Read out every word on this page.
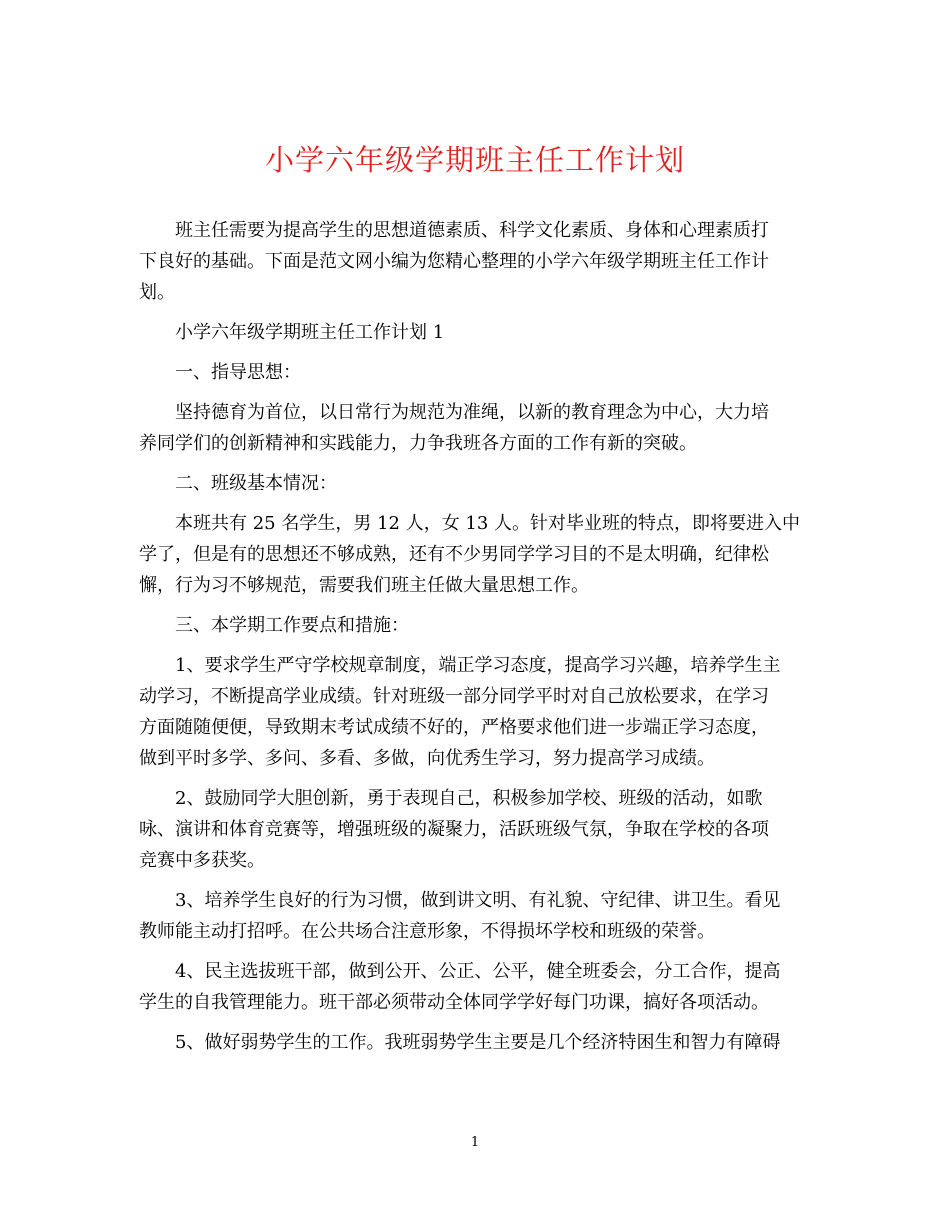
小学六年级学期班主任工作计划

班主任需要为提高学生的思想道德素质、科学文化素质、身体和心理素质打
下良好的基础。下面是范文网小编为您精心整理的小学六年级学期班主任工作计
划。

小学六年级学期班主任工作计划 1

一、指导思想：

坚持德育为首位，以日常行为规范为准绳，以新的教育理念为中心，大力培
养同学们的创新精神和实践能力，力争我班各方面的工作有新的突破。

二、班级基本情况：

本班共有 25 名学生，男 12 人，女 13 人。针对毕业班的特点，即将要进入中
学了，但是有的思想还不够成熟，还有不少男同学学习目的不是太明确，纪律松
懈，行为习不够规范，需要我们班主任做大量思想工作。

三、本学期工作要点和措施：

1、要求学生严守学校规章制度，端正学习态度，提高学习兴趣，培养学生主
动学习，不断提高学业成绩。针对班级一部分同学平时对自己放松要求，在学习
方面随随便便，导致期末考试成绩不好的，严格要求他们进一步端正学习态度，
做到平时多学、多问、多看、多做，向优秀生学习，努力提高学习成绩。

2、鼓励同学大胆创新，勇于表现自己，积极参加学校、班级的活动，如歌
咏、演讲和体育竞赛等，增强班级的凝聚力，活跃班级气氛，争取在学校的各项
竞赛中多获奖。

3、培养学生良好的行为习惯，做到讲文明、有礼貌、守纪律、讲卫生。看见
教师能主动打招呼。在公共场合注意形象，不得损坏学校和班级的荣誉。

4、民主选拔班干部，做到公开、公正、公平，健全班委会，分工合作，提高
学生的自我管理能力。班干部必须带动全体同学学好每门功课，搞好各项活动。

5、做好弱势学生的工作。我班弱势学生主要是几个经济特困生和智力有障碍

1
